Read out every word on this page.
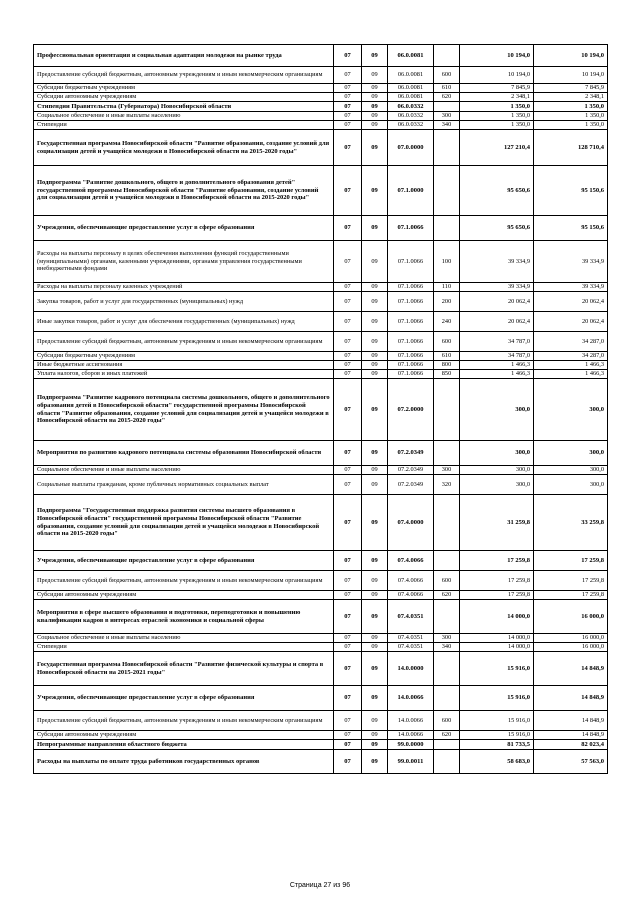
Профессиональная ориентация и социальная адаптация молодежи на рынке труда	07	09	06.0.0081		10 194,0	10 194,0
Предоставление субсидий бюджетным, автономным учреждениям и иным некоммерческим организациям	07	09	06.0.0081	600	10 194,0	10 194,0
Субсидии бюджетным учреждениям	07	09	06.0.0081	610	7 845,9	7 845,9
Субсидии автономным учреждениям	07	09	06.0.0081	620	2 348,1	2 348,1
Стипендии Правительства (Губернатора) Новосибирской области	07	09	06.0.0332		1 350,0	1 350,0
Социальное обеспечение и иные выплаты населению	07	09	06.0.0332	300	1 350,0	1 350,0
Стипендии	07	09	06.0.0332	340	1 350,0	1 350,0
Государственная программа Новосибирской области "Развитие образования, создание условий для социализации детей и учащейся молодежи в Новосибирской области на 2015-2020 годы"	07	09	07.0.0000		127 210,4	128 710,4
Подпрограмма "Развитие дошкольного, общего и дополнительного образования детей" государственной программы Новосибирской области "Развитие образования, создание условий для социализации детей и учащейся молодежи в Новосибирской области на 2015-2020 годы"	07	09	07.1.0000		95 650,6	95 150,6
Учреждения, обеспечивающие предоставление услуг в сфере образования	07	09	07.1.0066		95 650,6	95 150,6
Расходы на выплаты персоналу в целях обеспечения выполнения функций государственными (муниципальными) органами, казенными учреждениями, органами управления государственными внебюджетными фондами	07	09	07.1.0066	100	39 334,9	39 334,9
Расходы на выплаты персоналу казенных учреждений	07	09	07.1.0066	110	39 334,9	39 334,9
Закупка товаров, работ и услуг для государственных (муниципальных) нужд	07	09	07.1.0066	200	20 062,4	20 062,4
Иные закупки товаров, работ и услуг для обеспечения государственных (муниципальных) нужд	07	09	07.1.0066	240	20 062,4	20 062,4
Предоставление субсидий бюджетным, автономным учреждениям и иным некоммерческим организациям	07	09	07.1.0066	600	34 787,0	34 287,0
Субсидии бюджетным учреждениям	07	09	07.1.0066	610	34 787,0	34 287,0
Иные бюджетные ассигнования	07	09	07.1.0066	800	1 466,3	1 466,3
Уплата налогов, сборов и иных платежей	07	09	07.1.0066	850	1 466,3	1 466,3
Подпрограмма "Развитие кадрового потенциала системы дошкольного, общего и дополнительного образования детей в Новосибирской области" государственной программы Новосибирской области "Развитие образования, создание условий для социализации детей и учащейся молодежи в Новосибирской области на 2015-2020 годы"	07	09	07.2.0000		300,0	300,0
Мероприятия по развитию кадрового потенциала системы образования Новосибирской области	07	09	07.2.0349		300,0	300,0
Социальное обеспечение и иные выплаты населению	07	09	07.2.0349	300	300,0	300,0
Социальные выплаты гражданам, кроме публичных нормативных социальных выплат	07	09	07.2.0349	320	300,0	300,0
Подпрограмма "Государственная поддержка развития системы высшего образования в Новосибирской области" государственной программы Новосибирской области "Развитие образования, создание условий для социализации детей и учащейся молодежи в Новосибирской области на 2015-2020 годы"	07	09	07.4.0000		31 259,8	33 259,8
Учреждения, обеспечивающие предоставление услуг в сфере образования	07	09	07.4.0066		17 259,8	17 259,8
Предоставление субсидий бюджетным, автономным учреждениям и иным некоммерческим организациям	07	09	07.4.0066	600	17 259,8	17 259,8
Субсидии автономным учреждениям	07	09	07.4.0066	620	17 259,8	17 259,8
Мероприятия в сфере высшего образования и подготовки, переподготовки и повышению квалификации кадров в интересах отраслей экономики и социальной сферы	07	09	07.4.0351		14 000,0	16 000,0
Социальное обеспечение и иные выплаты населению	07	09	07.4.0351	300	14 000,0	16 000,0
Стипендии	07	09	07.4.0351	340	14 000,0	16 000,0
Государственная программа Новосибирской области "Развитие физической культуры и спорта в Новосибирской области на 2015-2021 годы"	07	09	14.0.0000		15 916,0	14 848,9
Учреждения, обеспечивающие предоставление услуг в сфере образования	07	09	14.0.0066		15 916,0	14 848,9
Предоставление субсидий бюджетным, автономным учреждениям и иным некоммерческим организациям	07	09	14.0.0066	600	15 916,0	14 848,9
Субсидии автономным учреждениям	07	09	14.0.0066	620	15 916,0	14 848,9
Непрограммные направления областного бюджета	07	09	99.0.0000		81 733,5	82 023,4
Расходы на выплаты по оплате труда работников государственных органов	07	09	99.0.0011		58 683,0	57 563,0
Страница 27 из 96
